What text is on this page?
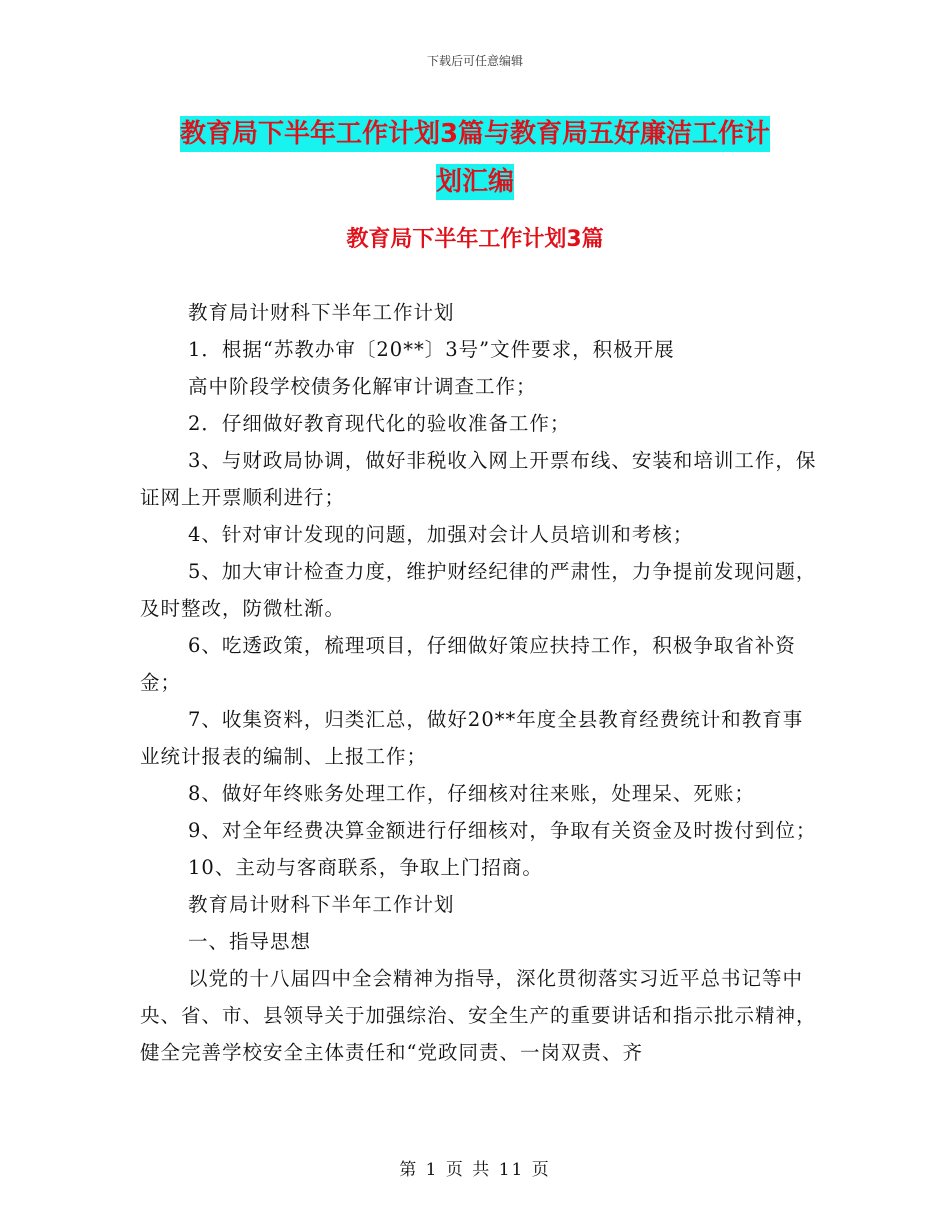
下载后可任意编辑
教育局下半年工作计划3篇与教育局五好廉洁工作计
划汇编
教育局下半年工作计划3篇

教育局计财科下半年工作计划

1．根据“苏教办审〔20**〕3号”文件要求，积极开展

高中阶段学校债务化解审计调查工作；

2．仔细做好教育现代化的验收准备工作；

3、与财政局协调，做好非税收入网上开票布线、安装和培训工作，保证网上开票顺利进行；

4、针对审计发现的问题，加强对会计人员培训和考核；

5、加大审计检查力度，维护财经纪律的严肃性，力争提前发现问题，及时整改，防微杜渐。

6、吃透政策，梳理项目，仔细做好策应扶持工作，积极争取省补资金；

7、收集资料，归类汇总，做好20**年度全县教育经费统计和教育事业统计报表的编制、上报工作；

8、做好年终账务处理工作，仔细核对往来账，处理呆、死账；

9、对全年经费决算金额进行仔细核对，争取有关资金及时拨付到位；

10、主动与客商联系，争取上门招商。

教育局计财科下半年工作计划

一、指导思想

以党的十八届四中全会精神为指导，深化贯彻落实习近平总书记等中央、省、市、县领导关于加强综治、安全生产的重要讲话和指示批示精神，健全完善学校安全主体责任和“党政同责、一岗双责、齐

第 1 页 共 11 页
